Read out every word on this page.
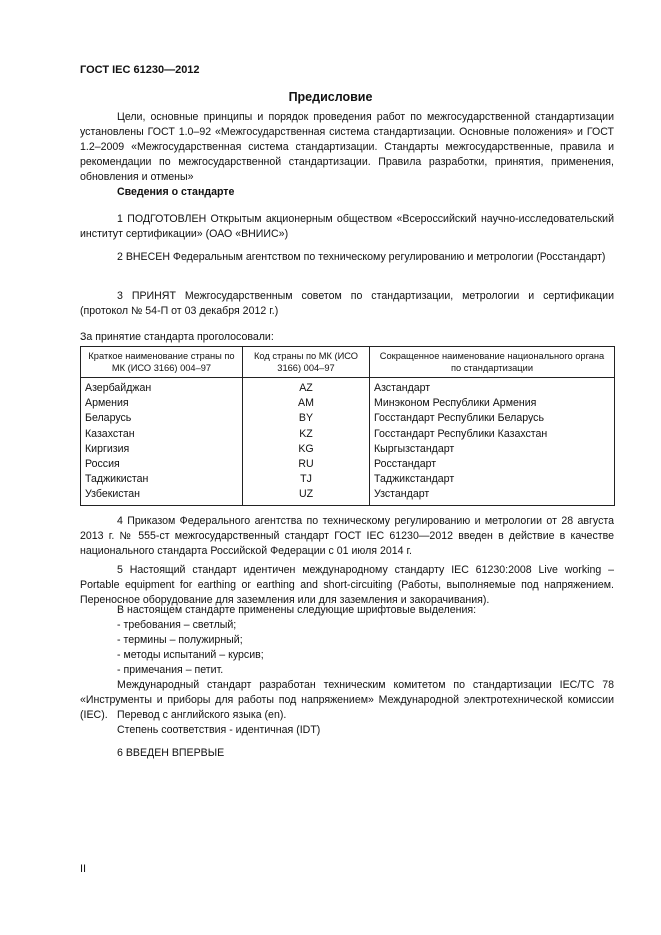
ГОСТ IEC 61230—2012
Предисловие
Цели, основные принципы и порядок проведения работ по межгосударственной стандартизации установлены ГОСТ 1.0–92 «Межгосударственная система стандартизации. Основные положения» и ГОСТ 1.2–2009 «Межгосударственная система стандартизации. Стандарты межгосударственные, правила и рекомендации по межгосударственной стандартизации. Правила разработки, принятия, применения, обновления и отмены»
Сведения о стандарте
1 ПОДГОТОВЛЕН Открытым акционерным обществом «Всероссийский научно-исследовательский институт сертификации» (ОАО «ВНИИС»)
2 ВНЕСЕН Федеральным агентством по техническому регулированию и метрологии (Росстандарт)
3 ПРИНЯТ Межгосударственным советом по стандартизации, метрологии и сертификации (протокол № 54-П от 03 декабря 2012 г.)
За принятие стандарта проголосовали:
Краткое наименование страны по МК (ИСО 3166) 004–97	Код страны по МК (ИСО 3166) 004–97	Сокращенное наименование национального органа по стандартизации
Азербайджан	AZ	Азстандарт
Армения	AM	Минэконом Республики Армения
Беларусь	BY	Госстандарт Республики Беларусь
Казахстан	KZ	Госстандарт Республики Казахстан
Киргизия	KG	Кыргызстандарт
Россия	RU	Росстандарт
Таджикистан	TJ	Таджикстандарт
Узбекистан	UZ	Узстандарт
4 Приказом Федерального агентства по техническому регулированию и метрологии от 28 августа 2013 г. № 555-ст межгосударственный стандарт ГОСТ IEC 61230—2012 введен в действие в качестве национального стандарта Российской Федерации с 01 июля 2014 г.
5 Настоящий стандарт идентичен международному стандарту IEC 61230:2008 Live working – Portable equipment for earthing or earthing and short-circuiting (Работы, выполняемые под напряжением. Переносное оборудование для заземления или для заземления и закорачивания).
В настоящем стандарте применены следующие шрифтовые выделения:
- требования – светлый;
- термины – полужирный;
- методы испытаний – курсив;
- примечания – петит.
Международный стандарт разработан техническим комитетом по стандартизации IEC/TC 78 «Инструменты и приборы для работы под напряжением» Международной электротехнической комиссии (IEC). Перевод с английского языка (en).
Степень соответствия - идентичная (IDT)
6 ВВЕДЕН ВПЕРВЫЕ
II
